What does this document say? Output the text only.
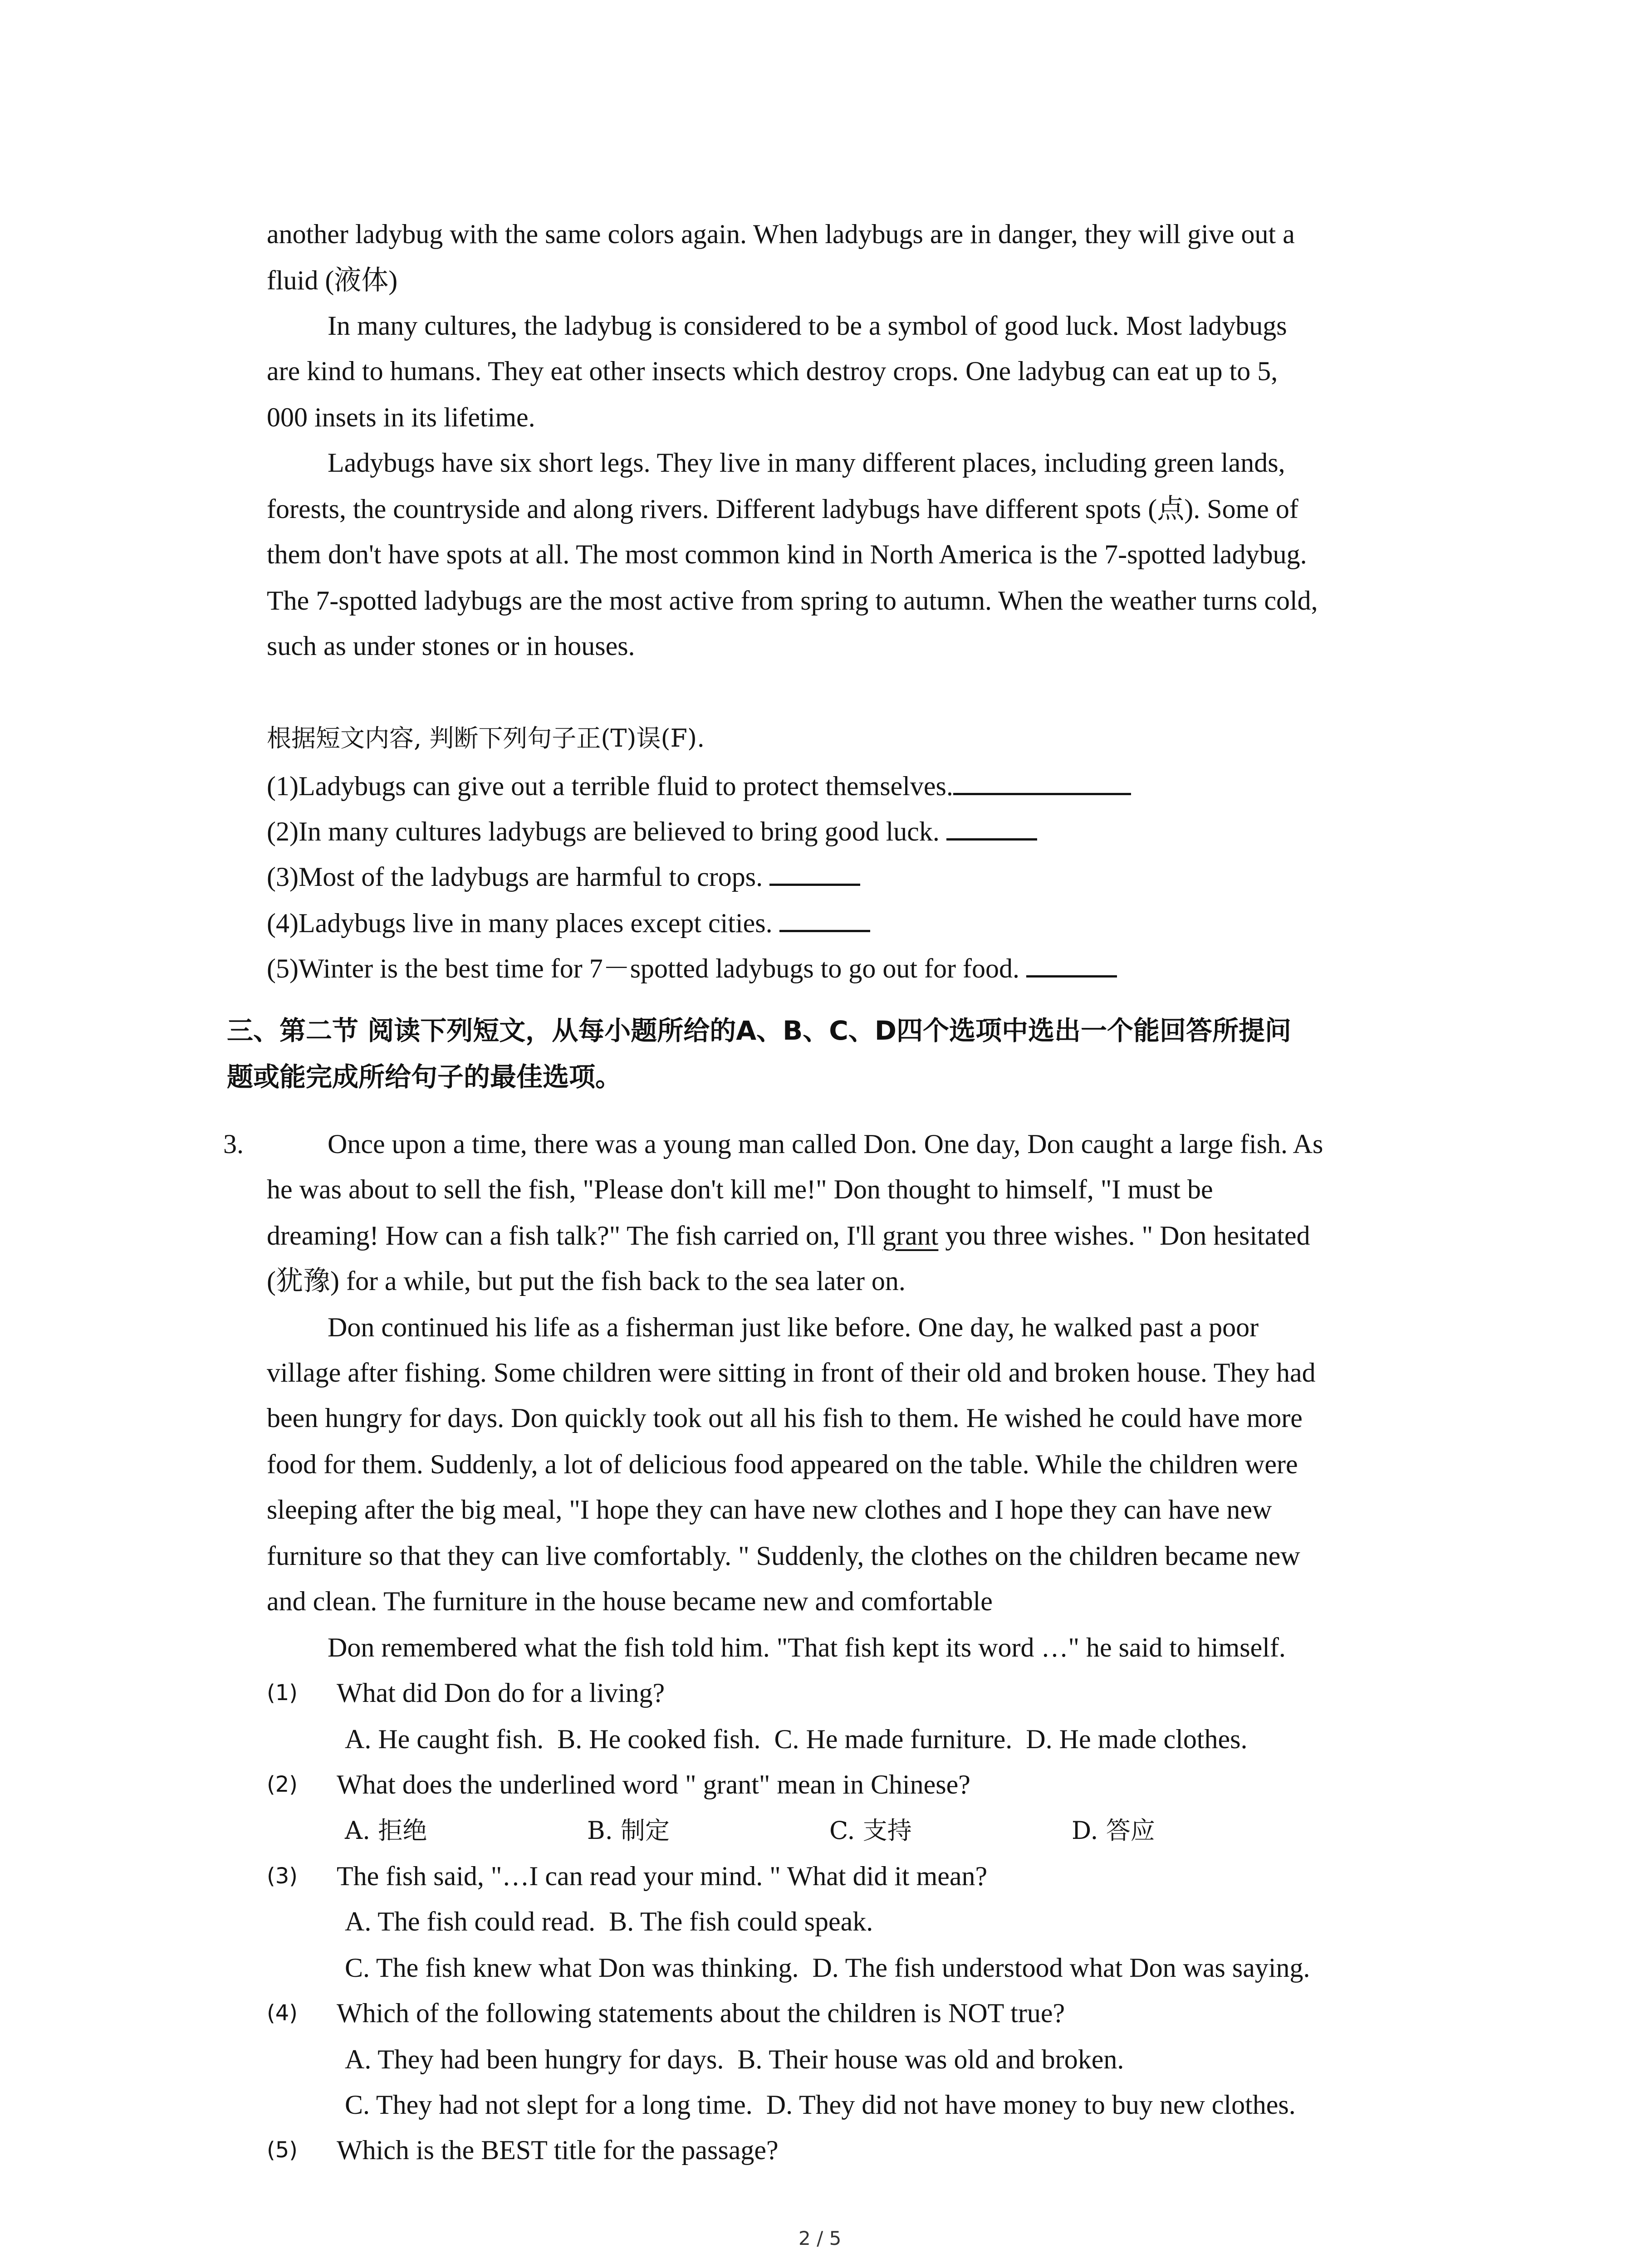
another ladybug with the same colors again. When ladybugs are in danger, they will give out a
fluid (液体)
In many cultures, the ladybug is considered to be a symbol of good luck. Most ladybugs
are kind to humans. They eat other insects which destroy crops. One ladybug can eat up to 5,
000 insets in its lifetime.
Ladybugs have six short legs. They live in many different places, including green lands,
forests, the countryside and along rivers. Different ladybugs have different spots (点). Some of
them don't have spots at all. The most common kind in North America is the 7-spotted ladybug.
The 7-spotted ladybugs are the most active from spring to autumn. When the weather turns cold,
such as under stones or in houses.
根据短文内容, 判断下列句子正(T)误(F).
(1)Ladybugs can give out a terrible fluid to protect themselves.
(2)In many cultures ladybugs are believed to bring good luck.
(3)Most of the ladybugs are harmful to crops.
(4)Ladybugs live in many places except cities.
(5)Winter is the best time for 7－spotted ladybugs to go out for food.
三、第二节 阅读下列短文，从每小题所给的A、B、C、D四个选项中选出一个能回答所提问
题或能完成所给句子的最佳选项。
3.	Once upon a time, there was a young man called Don. One day, Don caught a large fish. As
he was about to sell the fish, "Please don't kill me!" Don thought to himself, "I must be
dreaming! How can a fish talk?" The fish carried on, I'll grant you three wishes. " Don hesitated
(犹豫) for a while, but put the fish back to the sea later on.
Don continued his life as a fisherman just like before. One day, he walked past a poor
village after fishing. Some children were sitting in front of their old and broken house. They had
been hungry for days. Don quickly took out all his fish to them. He wished he could have more
food for them. Suddenly, a lot of delicious food appeared on the table. While the children were
sleeping after the big meal, "I hope they can have new clothes and I hope they can have new
furniture so that they can live comfortably. " Suddenly, the clothes on the children became new
and clean. The furniture in the house became new and comfortable
Don remembered what the fish told him. "That fish kept its word …" he said to himself.
(1) What did Don do for a living?
A. He caught fish.  B. He cooked fish.  C. He made furniture.  D. He made clothes.
(2) What does the underlined word " grant" mean in Chinese?
A. 拒绝	B. 制定	C. 支持	D. 答应
(3) The fish said, "…I can read your mind. " What did it mean?
A. The fish could read.  B. The fish could speak.
C. The fish knew what Don was thinking.  D. The fish understood what Don was saying.
(4) Which of the following statements about the children is NOT true?
A. They had been hungry for days.  B. Their house was old and broken.
C. They had not slept for a long time.  D. They did not have money to buy new clothes.
(5) Which is the BEST title for the passage?
2 / 5
